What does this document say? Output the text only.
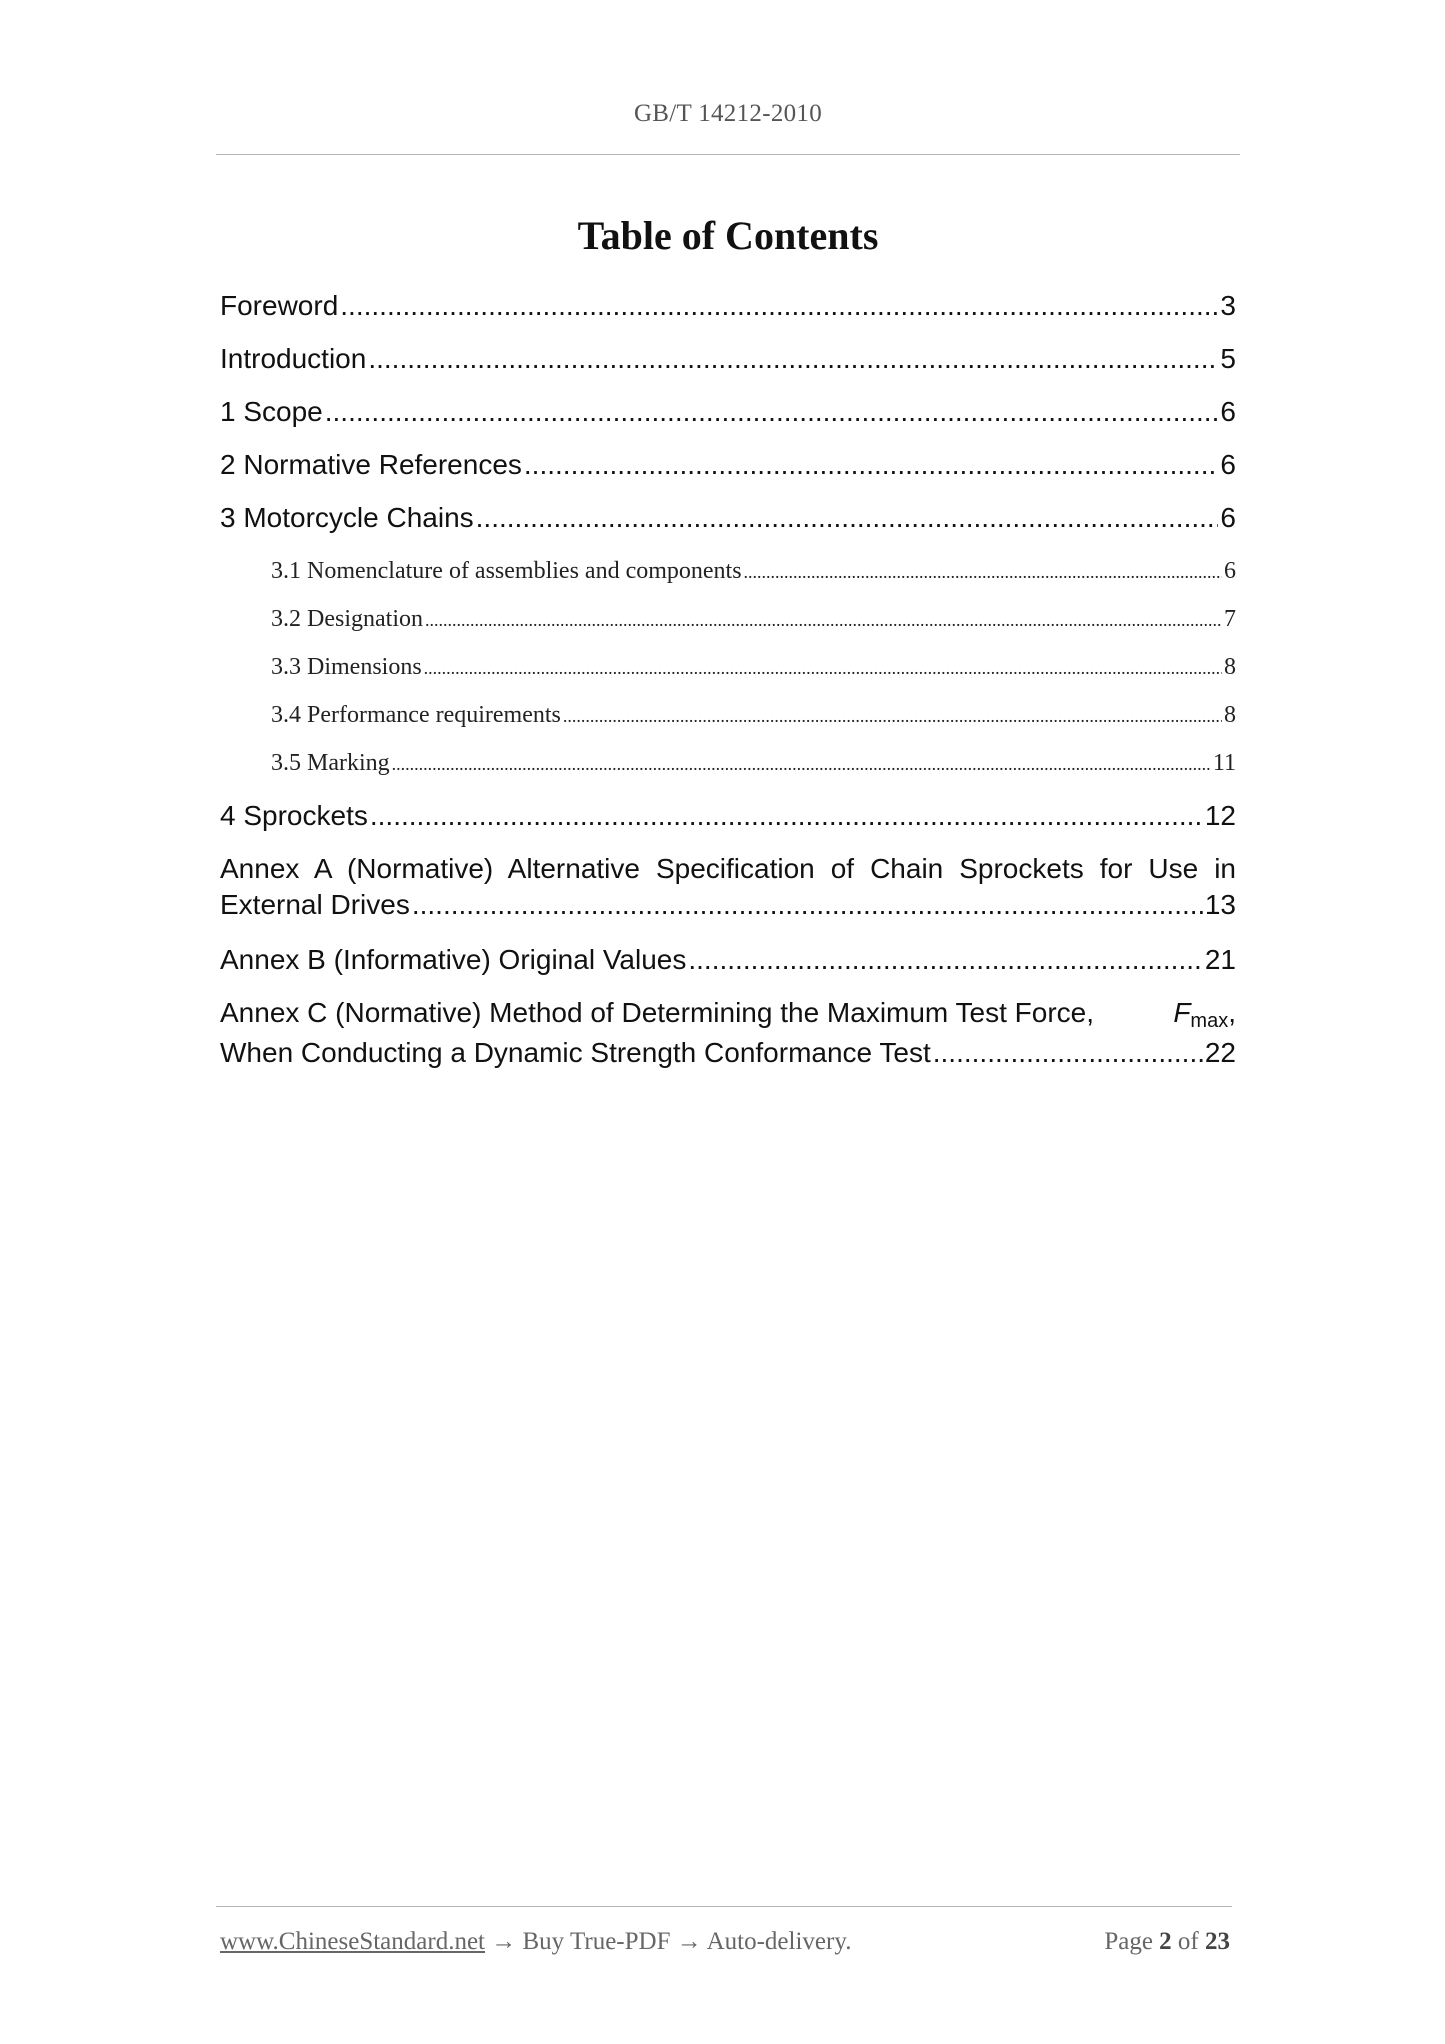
GB/T 14212-2010
Table of Contents
Foreword .....	3
Introduction .....	5
1 Scope .....	6
2 Normative References .....	6
3 Motorcycle Chains .....	6
3.1 Nomenclature of assemblies and components .....	6
3.2 Designation .....	7
3.3 Dimensions .....	8
3.4 Performance requirements .....	8
3.5 Marking .....	11
4 Sprockets .....	12
Annex A (Normative) Alternative Specification of Chain Sprockets for Use in
External Drives .....	13
Annex B (Informative) Original Values .....	21
Annex C (Normative) Method of Determining the Maximum Test Force,	$F_{max}$,
When Conducting a Dynamic Strength Conformance Test .....	22
www.ChineseStandard.net → Buy True-PDF → Auto-delivery.	Page 2 of 23
